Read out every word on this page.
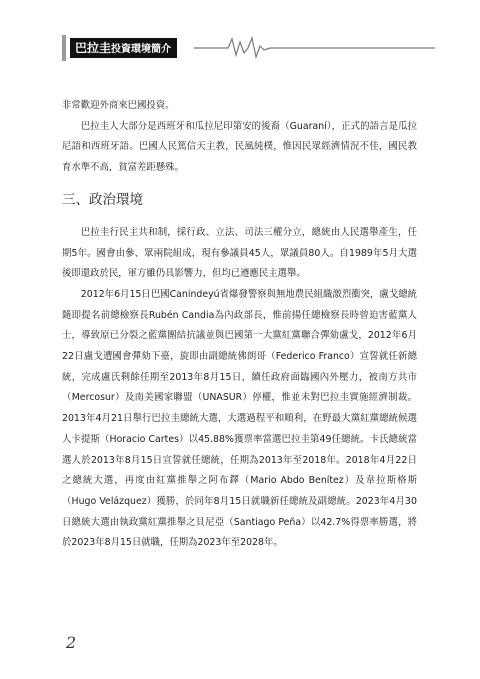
巴拉圭投資環境簡介

非常歡迎外商來巴國投資。

巴拉圭人大部分是西班牙和瓜拉尼印第安的後裔（Guaraní），正式的語言是瓜拉尼語和西班牙語。巴國人民篤信天主教，民風純樸，惟因民眾經濟情況不佳，國民教育水準不高，貧富差距懸殊。

三、政治環境

巴拉圭行民主共和制，採行政、立法、司法三權分立，總統由人民選舉產生，任期5年。國會由參、眾兩院組成，現有參議員45人，眾議員80人。自1989年5月大選後即還政於民，軍方雖仍具影響力，但均已遵應民主選舉。

2012年6月15日巴國Canindeyú省爆發警察與無地農民組織激烈衝突，盧戈總統隨即提名前總檢察長Rubén Candia為內政部長，惟前揚任總檢察長時曾迫害藍黨人士，導致原已分裂之藍黨團結抗議並與巴國第一大黨紅黨聯合彈劾盧戈，2012年6月22日盧戈遭國會彈劾下臺，旋即由副總統佛朗哥（Federico Franco）宣誓就任新總統，完成盧氏剩餘任期至2013年8月15日，續任政府面臨國內外壓力，被南方共市（Mercosur）及南美國家聯盟（UNASUR）停權，惟並未對巴拉圭實施經濟制裁。2013年4月21日舉行巴拉圭總統大選，大選過程平和順利，在野最大黨紅黨總統候選人卡提斯（Horacio Cartes）以45.88%獲票率當選巴拉圭第49任總統。卡氏總統當選人於2013年8月15日宣誓就任總統，任期為2013年至2018年。2018年4月22日之總統大選，再度由紅黨推舉之阿布鐸（Mario Abdo Benítez）及韋拉斯格斯（Hugo Velázquez）獲勝，於同年8月15日就職新任總統及副總統。2023年4月30日總統大選由執政黨紅黨推舉之貝尼亞（Santiago Peña）以42.7%得票率勝選，將於2023年8月15日就職，任期為2023年至2028年。

2
